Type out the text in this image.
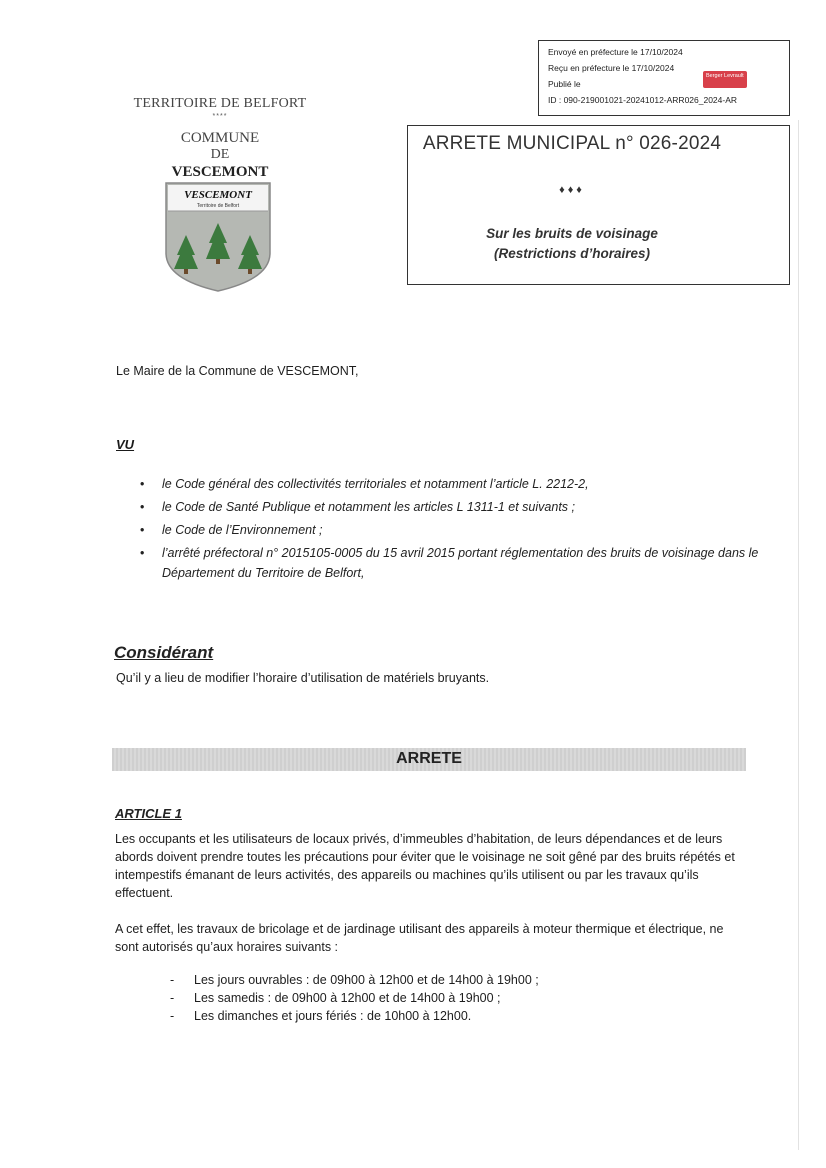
Envoyé en préfecture le 17/10/2024
Reçu en préfecture le 17/10/2024
Publié le
ID : 090-219001021-20241012-ARR026_2024-AR
Berger Levrault
TERRITOIRE DE BELFORT
****
COMMUNE
DE
VESCEMONT
VESCEMONT
Territoire de Belfort
ARRETE MUNICIPAL n° 026-2024
♦♦♦
Sur les bruits de voisinage
(Restrictions d’horaires)
Le Maire de la Commune de VESCEMONT,
VU
• le Code général des collectivités territoriales et notamment l’article L. 2212-2,
• le Code de Santé Publique et notamment les articles L 1311-1 et suivants ;
• le Code de l’Environnement ;
• l’arrêté préfectoral n° 2015105-0005 du 15 avril 2015 portant réglementation des bruits de voisinage dans le Département du Territoire de Belfort,
Considérant
Qu’il y a lieu de modifier l’horaire d’utilisation de matériels bruyants.
ARRETE
ARTICLE 1
Les occupants et les utilisateurs de locaux privés, d’immeubles d’habitation, de leurs dépendances et de leurs abords doivent prendre toutes les précautions pour éviter que le voisinage ne soit gêné par des bruits répétés et intempestifs émanant de leurs activités, des appareils ou machines qu’ils utilisent ou par les travaux qu’ils effectuent.
A cet effet, les travaux de bricolage et de jardinage utilisant des appareils à moteur thermique et électrique, ne sont autorisés qu’aux horaires suivants :
- Les jours ouvrables : de 09h00 à 12h00 et de 14h00 à 19h00 ;
- Les samedis : de 09h00 à 12h00 et de 14h00 à 19h00 ;
- Les dimanches et jours fériés : de 10h00 à 12h00.
